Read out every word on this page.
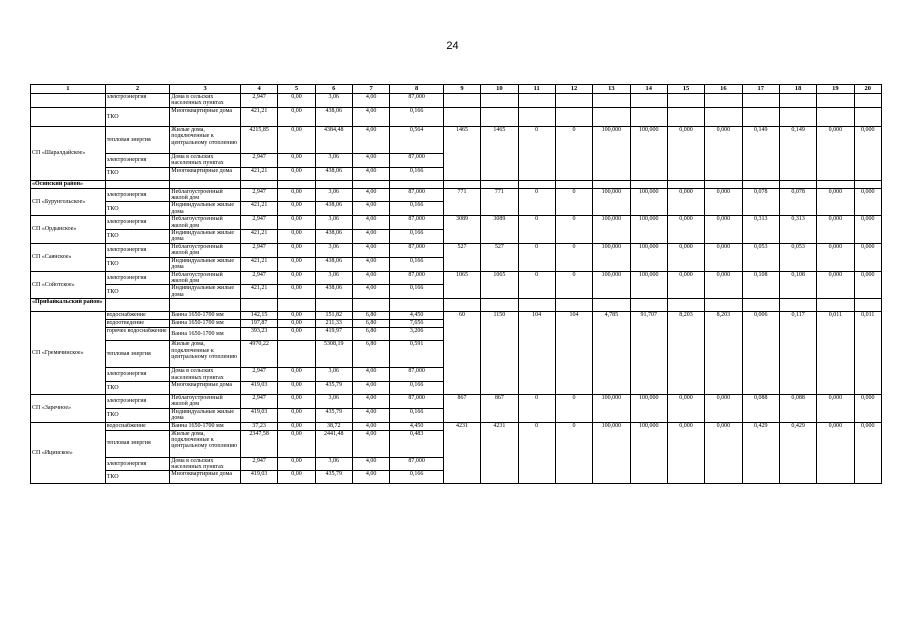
24
1	2	3	4	5	6	7	8	9	10	11	12	13	14	15	16	17	18	19	20
	электроэнергия	Дома в сельских населенных пунктах	2,947	0,00	3,06	4,00	87,000												
	ТКО	Многоквартирные дома	421,21	0,00	438,06	4,00	0,166												
СП «Шаралдайское»	тепловая энергия	Жилые дома, подключенные к центральному отоплению	4215,85	0,00	4384,48	4,00	0,564	1465	1465	0	0	100,000	100,000	0,000	0,000	0,149	0,149	0,000	0,000
	электроэнергия	Дома в сельских населенных пунктах	2,947	0,00	3,06	4,00	87,000												
	ТКО	Многоквартирные дома	421,21	0,00	438,06	4,00	0,166												
«Осинский район»																			
СП «Бурунгольское»	электроэнергия	Неблагоустроенный жилой дом	2,947	0,00	3,06	4,00	87,000	771	771	0	0	100,000	100,000	0,000	0,000	0,078	0,078	0,000	0,000
	ТКО	Индивидуальные жилые дома	421,21	0,00	438,06	4,00	0,166												
СП «Ордынское»	электроэнергия	Неблагоустроенный жилой дом	2,947	0,00	3,06	4,00	87,000	3089	3089	0	0	100,000	100,000	0,000	0,000	0,313	0,313	0,000	0,000
	ТКО	Индивидуальные жилые дома	421,21	0,00	438,06	4,00	0,166												
СП «Саянское»	электроэнергия	Неблагоустроенный жилой дом	2,947	0,00	3,06	4,00	87,000	527	527	0	0	100,000	100,000	0,000	0,000	0,053	0,053	0,000	0,000
	ТКО	Индивидуальные жилые дома	421,21	0,00	438,06	4,00	0,166												
СП «Сойотское»	электроэнергия	Неблагоустроенный жилой дом	2,947	0,00	3,06	4,00	87,000	1065	1065	0	0	100,000	100,000	0,000	0,000	0,108	0,108	0,000	0,000
	ТКО	Индивидуальные жилые дома	421,21	0,00	438,06	4,00	0,166												
«Прибайкальский район»																			
СП «Гремячинское»	водоснабжение	Ванна 1650-1700 мм	142,15	0,00	151,82	6,80	4,450	60	1150	104	104	4,785	91,707	8,203	8,203	0,006	0,117	0,011	0,011
	водоотведение	Ванна 1650-1700 мм	197,87	0,00	211,33	6,80	7,656												
	горячее водоснабжение	Ванна 1650-1700 мм	393,23	0,00	419,97	6,80	3,206												
	тепловая энергия	Жилые дома, подключенные к центральному отоплению	4970,22		5308,19	6,80	0,591												
	электроэнергия	Дома в сельских населенных пунктах	2,947	0,00	3,06	4,00	87,000												
	ТКО	Многоквартирные дома	419,03	0,00	435,79	4,00	0,166												
СП «Заречное»	электроэнергия	Неблагоустроенный жилой дом	2,947	0,00	3,06	4,00	87,000	867	867	0	0	100,000	100,000	0,000	0,000	0,088	0,088	0,000	0,000
	ТКО	Индивидуальные жилые дома	419,03	0,00	435,79	4,00	0,166												
СП «Ицинское»	водоснабжение	Ванна 1650-1700 мм	37,23	0,00	38,72	4,00	4,450	4231	4231	0	0	100,000	100,000	0,000	0,000	0,429	0,429	0,000	0,000
	тепловая энергия	Жилые дома, подключенные к центральному отоплению	2347,58	0,00	2441,48	4,00	0,483												
	электроэнергия	Дома в сельских населенных пунктах	2,947	0,00	3,06	4,00	87,000												
	ТКО	Многоквартирные дома	419,03	0,00	435,79	4,00	0,166												
